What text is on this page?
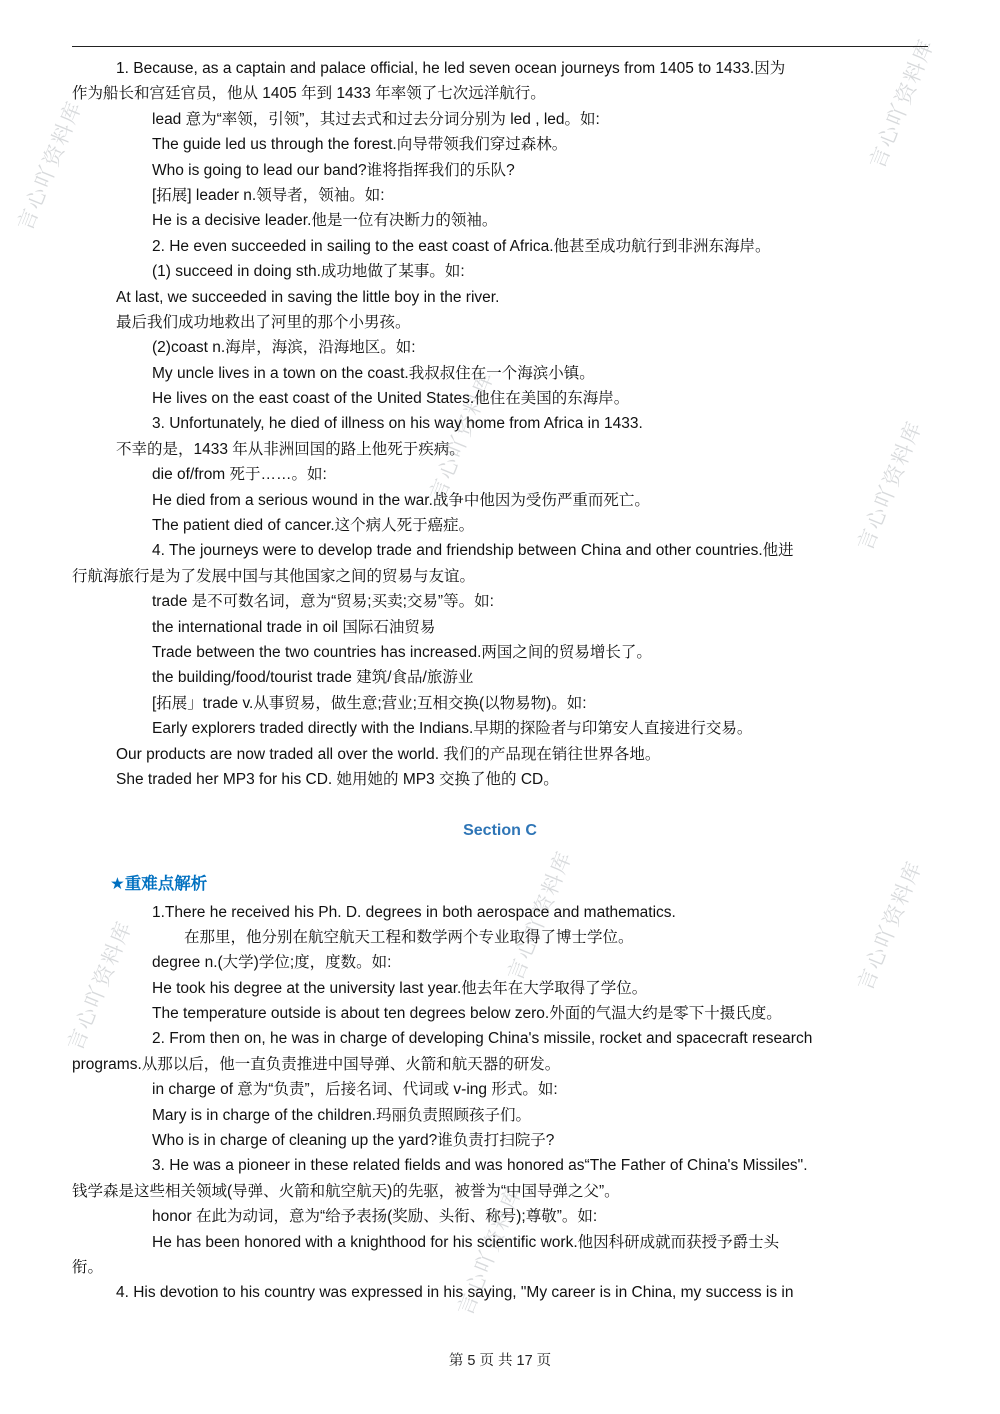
言心吖资料库
言心吖资料库
言心吖资料库	言心吖资料库
言心吖资料库	言心吖资料库
言心吖资料库
言心吖资料库
1. Because, as a captain and palace official, he led seven ocean journeys from 1405 to 1433.因为
作为船长和宫廷官员，他从 1405 年到 1433 年率领了七次远洋航行。
lead 意为“率领，引领”，其过去式和过去分词分别为 led , led。如:
The guide led us through the forest.向导带领我们穿过森林。
Who is going to lead our band?谁将指挥我们的乐队?
[拓展] leader n.领导者，领袖。如:
He is a decisive leader.他是一位有决断力的领袖。
2. He even succeeded in sailing to the east coast of Africa.他甚至成功航行到非洲东海岸。
(1) succeed in doing sth.成功地做了某事。如:
At last, we succeeded in saving the little boy in the river.
最后我们成功地救出了河里的那个小男孩。
(2)coast n.海岸，海滨，沿海地区。如:
My uncle lives in a town on the coast.我叔叔住在一个海滨小镇。
He lives on the east coast of the United States.他住在美国的东海岸。
3. Unfortunately, he died of illness on his way home from Africa in 1433.
不幸的是，1433 年从非洲回国的路上他死于疾病。
die of/from 死于……。如:
He died from a serious wound in the war.战争中他因为受伤严重而死亡。
The patient died of cancer.这个病人死于癌症。
4. The journeys were to develop trade and friendship between China and other countries.他进
行航海旅行是为了发展中国与其他国家之间的贸易与友谊。
trade 是不可数名词，意为“贸易;买卖;交易”等。如:
the international trade in oil 国际石油贸易
Trade between the two countries has increased.两国之间的贸易增长了。
the building/food/tourist trade 建筑/食品/旅游业
[拓展」trade v.从事贸易，做生意;营业;互相交换(以物易物)。如:
Early explorers traded directly with the Indians.早期的探险者与印第安人直接进行交易。
Our products are now traded all over the world. 我们的产品现在销往世界各地。
She traded her MP3 for his CD. 她用她的 MP3 交换了他的 CD。

Section C

★重难点解析
1.There he received his Ph. D. degrees in both aerospace and mathematics.
在那里，他分别在航空航天工程和数学两个专业取得了博士学位。
degree n.(大学)学位;度，度数。如:
He took his degree at the university last year.他去年在大学取得了学位。
The temperature outside is about ten degrees below zero.外面的气温大约是零下十摄氏度。
2. From then on, he was in charge of developing China's missile, rocket and spacecraft research
programs.从那以后，他一直负责推进中国导弹、火箭和航天器的研发。
in charge of 意为“负责”，后接名词、代词或 v-ing 形式。如:
Mary is in charge of the children.玛丽负责照顾孩子们。
Who is in charge of cleaning up the yard?谁负责打扫院子?
3. He was a pioneer in these related fields and was honored as“The Father of China's Missiles".
钱学森是这些相关领域(导弹、火箭和航空航天)的先驱，被誉为“中国导弹之父”。
honor 在此为动词，意为“给予表扬(奖励、头衔、称号);尊敬”。如:
He has been honored with a knighthood for his scientific work.他因科研成就而获授予爵士头
衔。
4. His devotion to his country was expressed in his saying, "My career is in China, my success is in
第 5 页 共 17 页
